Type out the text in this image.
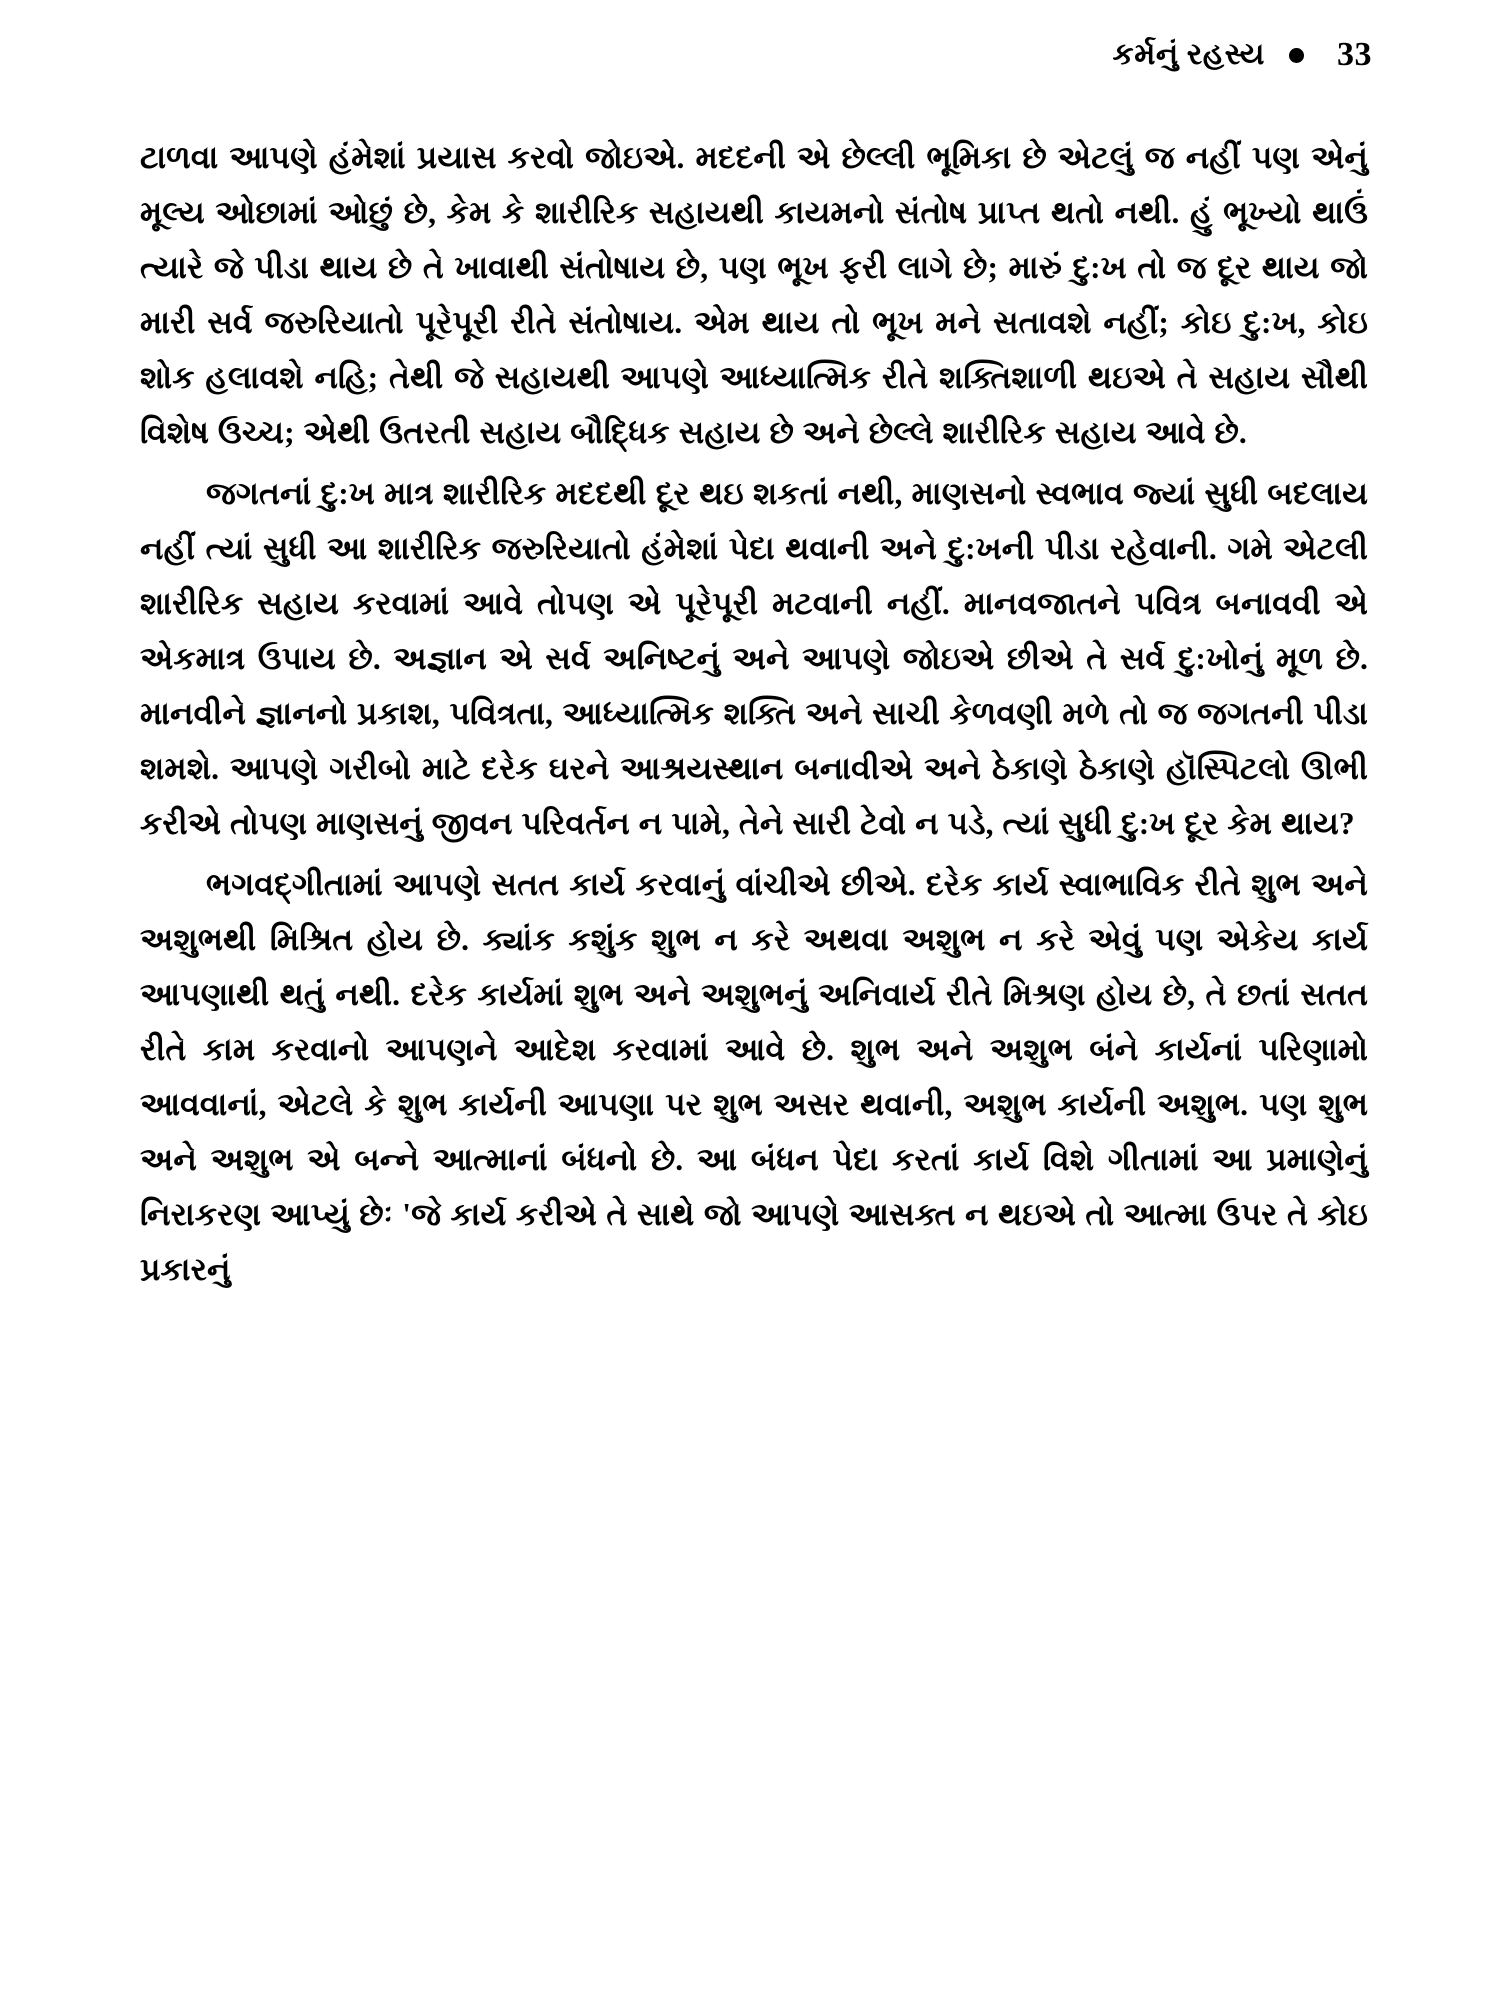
કર્મનું રહસ્ય 33

ટાળવા આપણે હંમેશાં પ્રયાસ કરવો જોઇએ. મદદની એ છેલ્લી ભૂમિકા છે એટલું જ નહીં પણ એનું મૂલ્ય ઓછામાં ઓછું છે, કેમ કે શારીરિક સહાયથી કાયમનો સંતોષ પ્રાપ્ત થતો નથી. હું ભૂખ્યો થાઉં ત્યારે જે પીડા થાય છે તે ખાવાથી સંતોષાય છે, પણ ભૂખ ફરી લાગે છે; મારું દુ:ખ તો જ દૂર થાય જો મારી સર્વ જરુરિયાતો પૂરેપૂરી રીતે સંતોષાય. એમ થાય તો ભૂખ મને સતાવશે નહીં; કોઇ દુ:ખ, કોઇ શોક હલાવશે નહિ; તેથી જે સહાયથી આપણે આધ્યાત્મિક રીતે શક્તિશાળી થઇએ તે સહાય સૌથી વિશેષ ઉચ્ચ; એથી ઉતરતી સહાય બૌદ્ધિક સહાય છે અને છેલ્લે શારીરિક સહાય આવે છે.

જગતનાં દુ:ખ માત્ર શારીરિક મદદથી દૂર થઇ શકતાં નથી, માણસનો સ્વભાવ જ્યાં સુધી બદલાય નહીં ત્યાં સુધી આ શારીરિક જરુરિયાતો હંમેશાં પેદા થવાની અને દુ:ખની પીડા રહેવાની. ગમે એટલી શારીરિક સહાય કરવામાં આવે તોપણ એ પૂરેપૂરી મટવાની નહીં. માનવજાતને પવિત્ર બનાવવી એ એકમાત્ર ઉપાય છે. અજ્ઞાન એ સર્વ અનિષ્ટનું અને આપણે જોઇએ છીએ તે સર્વ દુ:ખોનું મૂળ છે. માનવીને જ્ઞાનનો પ્રકાશ, પવિત્રતા, આધ્યાત્મિક શક્તિ અને સાચી કેળવણી મળે તો જ જગતની પીડા શમશે. આપણે ગરીબો માટે દરેક ઘરને આશ્રયસ્થાન બનાવીએ અને ઠેકાણે ઠેકાણે હૉસ્પિટલો ઊભી કરીએ તોપણ માણસનું જીવન પરિવર્તન ન પામે, તેને સારી ટેવો ન પડે, ત્યાં સુધી દુ:ખ દૂર કેમ થાય?

ભગવદ્ગીતામાં આપણે સતત કાર્ય કરવાનું વાંચીએ છીએ. દરેક કાર્ય સ્વાભાવિક રીતે શુભ અને અશુભથી મિશ્રિત હોય છે. ક્યાંક કશુંક શુભ ન કરે અથવા અશુભ ન કરે એવું પણ એકેય કાર્ય આપણાથી થતું નથી. દરેક કાર્યમાં શુભ અને અશુભનું અનિવાર્ય રીતે મિશ્રણ હોય છે, તે છતાં સતત રીતે કામ કરવાનો આપણને આદેશ કરવામાં આવે છે. શુભ અને અશુભ બંને કાર્યનાં પરિણામો આવવાનાં, એટલે કે શુભ કાર્યની આપણા પર શુભ અસર થવાની, અશુભ કાર્યની અશુભ. પણ શુભ અને અશુભ એ બન્ને આત્માનાં બંધનો છે. આ બંધન પેદા કરતાં કાર્ય વિશે ગીતામાં આ પ્રમાણેનું નિરાકરણ આપ્યું છેઃ 'જે કાર્ય કરીએ તે સાથે જો આપણે આસક્ત ન થઇએ તો આત્મા ઉપર તે કોઇ પ્રકારનું
